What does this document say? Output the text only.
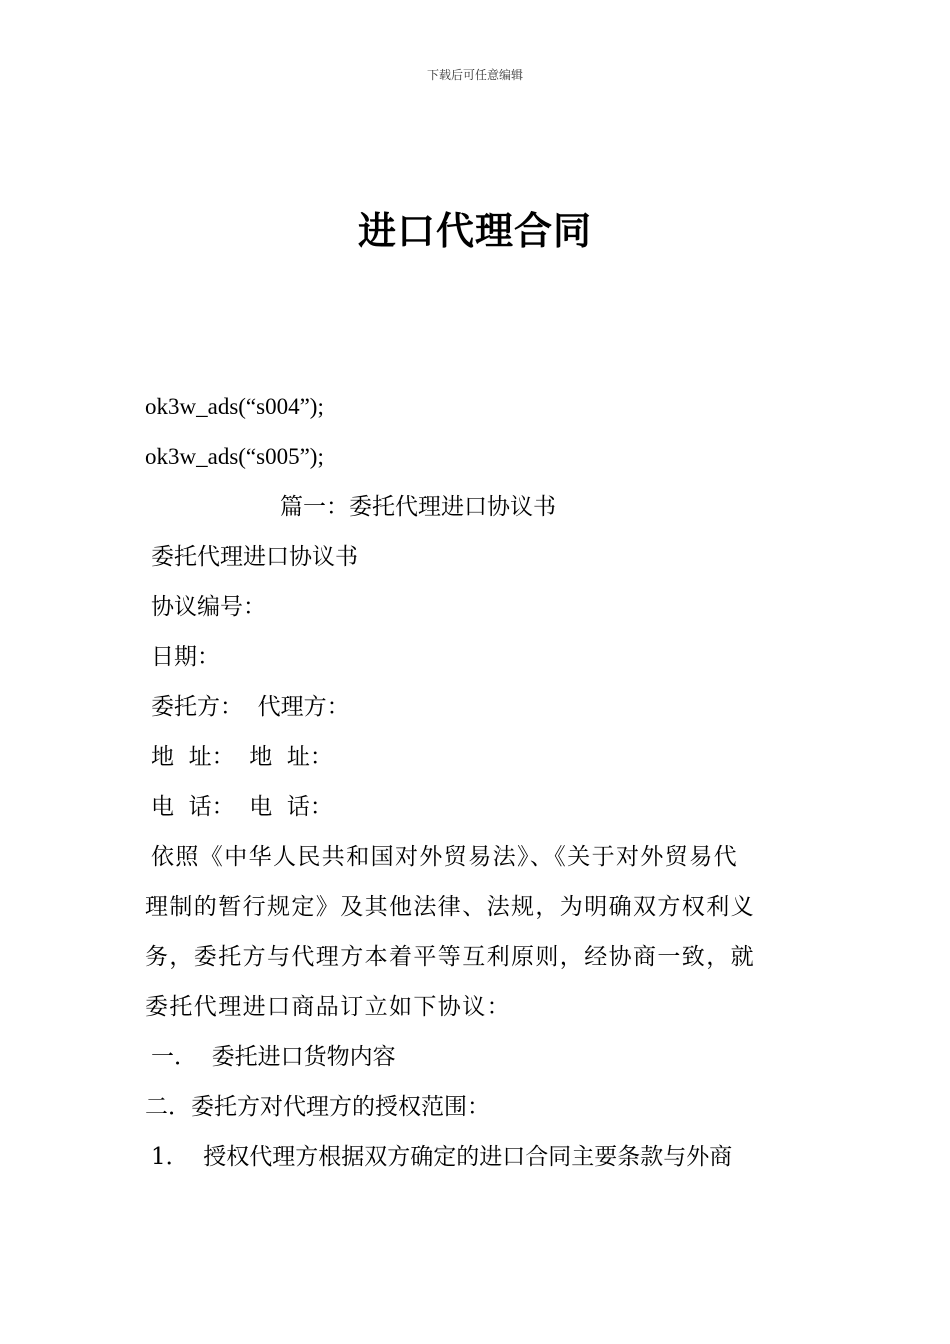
下载后可任意编辑
进口代理合同
ok3w_ads(“s004”);
ok3w_ads(“s005”);
篇一：委托代理进口协议书
委托代理进口协议书
协议编号：
日期：
委托方：  代理方：
地  址：  地  址：
电  话：  电  话：
依照《中华人民共和国对外贸易法》、《关于对外贸易代
理制的暂行规定》及其他法律、法规，为明确双方权利义
务，委托方与代理方本着平等互利原则，经协商一致，就
委托代理进口商品订立如下协议：
一．  委托进口货物内容
二．委托方对代理方的授权范围：
1．  授权代理方根据双方确定的进口合同主要条款与外商
